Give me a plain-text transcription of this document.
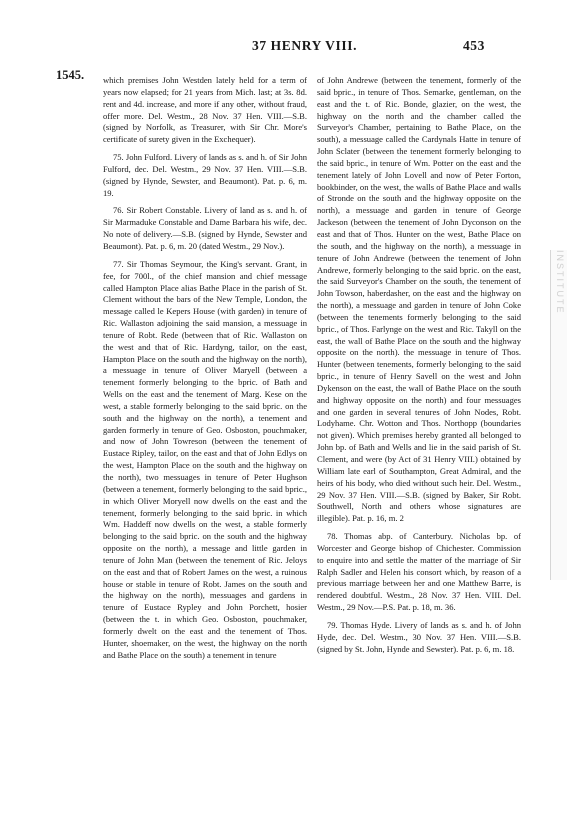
37 HENRY VIII.	453
1545. which premises John Westden lately held for a term of years now elapsed; for 21 years from Mich. last; at 3s. 8d. rent and 4d. increase, and more if any other, without fraud, offer more. Del. Westm., 28 Nov. 37 Hen. VIII.—S.B. (signed by Norfolk, as Treasurer, with Sir Chr. More's certificate of surety given in the Exchequer).

75. John Fulford. Livery of lands as s. and h. of Sir John Fulford, dec. Del. Westm., 29 Nov. 37 Hen. VIII.—S.B. (signed by Hynde, Sewster, and Beaumont). Pat. p. 6, m. 19.

76. Sir Robert Constable. Livery of land as s. and h. of Sir Marmaduke Constable and Dame Barbara his wife, dec. No note of delivery.—S.B. (signed by Hynde, Sewster and Beaumont). Pat. p. 6, m. 20 (dated Westm., 29 Nov.).

77. Sir Thomas Seymour, the King's servant. Grant, in fee, for 700l., of the chief mansion and chief message called Hampton Place alias Bathe Place in the parish of St. Clement without the bars of the New Temple, London, the message called le Kepers House (with garden) in tenure of Ric. Wallaston adjoining the said mansion, a messuage in tenure of Robt. Rede (between that of Ric. Wallaston on the west and that of Ric. Hardyng, tailor, on the east, Hampton Place on the south and the highway on the north), a messuage in tenure of Oliver Maryell (between a tenement formerly belonging to the bpric. of Bath and Wells on the east and the tenement of Marg. Kese on the west, a stable formerly belonging to the said bpric. on the south and the highway on the north), a tenement and garden formerly in tenure of Geo. Osboston, pouchmaker, and now of John Towreson (between the tenement of Eustace Ripley, tailor, on the east and that of John Edlys on the west, Hampton Place on the south and the highway on the north), two messuages in tenure of Peter Hughson (between a tenement, formerly belonging to the said bpric., in which Oliver Moryell now dwells on the east and the tenement, formerly belonging to the said bpric. in which Wm. Haddeff now dwells on the west, a stable formerly belonging to the said bpric. on the south and the highway opposite on the north), a message and little garden in tenure of John Man (between the tenement of Ric. Jeloys on the east and that of Robert James on the west, a ruinous house or stable in tenure of Robt. James on the south and the highway on the north), messuages and gardens in tenure of Eustace Rypley and John Porchett, hosier (between the t. in which Geo. Osboston, pouchmaker, formerly dwelt on the east and the tenement of Thos. Hunter, shoemaker, on the west, the highway on the north and Bathe Place on the south) a tenement in tenure

of John Andrewe (between the tenement, formerly of the said bpric., in tenure of Thos. Semarke, gentleman, on the east and the t. of Ric. Bonde, glazier, on the west, the highway on the north and the chamber called the Surveyor's Chamber, pertaining to Bathe Place, on the south), a messuage called the Cardynals Hatte in tenure of John Sclater (between the tenement formerly belonging to the said bpric., in tenure of Wm. Potter on the east and the tenement lately of John Lovell and now of Peter Forton, bookbinder, on the west, the walls of Bathe Place and walls of Stronde on the south and the highway opposite on the north), a messuage and garden in tenure of George Jackeson (between the tenement of John Dyconson on the east and that of Thos. Hunter on the west, Bathe Place on the south, and the highway on the north), a messuage in tenure of John Andrewe (between the tenement of John Andrewe, formerly belonging to the said bpric. on the east, the said Surveyor's Chamber on the south, the tenement of John Towson, haberdasher, on the east and the highway on the north), a messuage and garden in tenure of John Coke (between the tenements formerly belonging to the said bpric., of Thos. Farlynge on the west and Ric. Takyll on the east, the wall of Bathe Place on the south and the highway opposite on the north). the messuage in tenure of Thos. Hunter (between tenements, formerly belonging to the said bpric., in tenure of Henry Savell on the west and John Dykenson on the east, the wall of Bathe Place on the south and highway opposite on the north) and four messuages and one garden in several tenures of John Nodes, Robt. Lodyhame. Chr. Wotton and Thos. Northopp (boundaries not given). Which premises hereby granted all belonged to John bp. of Bath and Wells and lie in the said parish of St. Clement, and were (by Act of 31 Henry VIII.) obtained by William late earl of Southampton, Great Admiral, and the heirs of his body, who died without such heir. Del. Westm., 29 Nov. 37 Hen. VIII.—S.B. (signed by Baker, Sir Robt. Southwell, North and others whose signatures are illegible). Pat. p. 16, m. 2

78. Thomas abp. of Canterbury. Nicholas bp. of Worcester and George bishop of Chichester. Commission to enquire into and settle the matter of the marriage of Sir Ralph Sadler and Helen his consort which, by reason of a previous marriage between her and one Matthew Barre, is rendered doubtful. Westm., 28 Nov. 37 Hen. VIII. Del. Westm., 29 Nov.—P.S. Pat. p. 18, m. 36.

79. Thomas Hyde. Livery of lands as s. and h. of John Hyde, dec. Del. Westm., 30 Nov. 37 Hen. VIII.—S.B. (signed by St. John, Hynde and Sewster). Pat. p. 6, m. 18.

INSTITUTE
